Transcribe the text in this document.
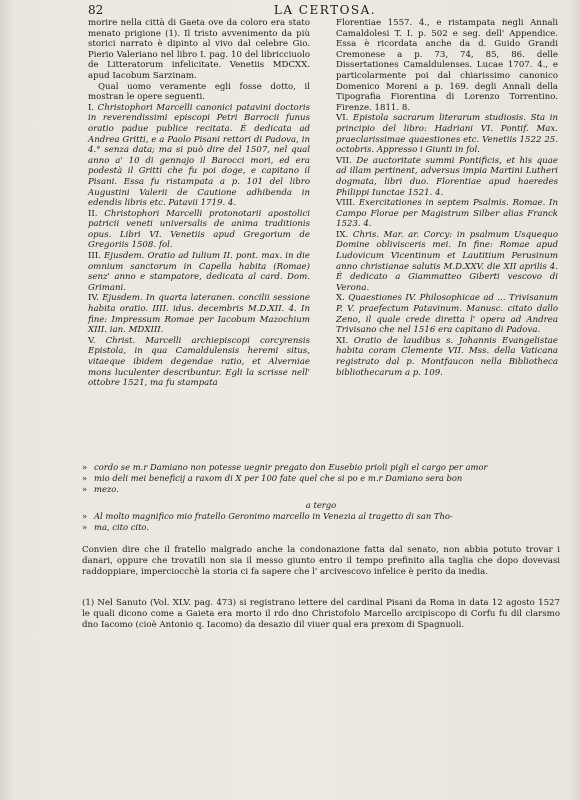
82	LA CERTOSA.

morire nella città di Gaeta ove da coloro era stato menato prigione (1). Il tristo avvenimento da più storici narrato è dipinto al vivo dal celebre Gio. Pierio Valeriano nel libro I. pag. 10 del libricciuolo de Litteratorum infelicitate. Venetiis MDCXX. apud Iacobum Sarzinam.

Qual uomo veramente egli fosse dotto, il mostran le opere seguenti.

I. Christophori Marcelli canonici patavini doctoris in reverendissimi episcopi Petri Barrocii funus oratio padue publice recitata. È dedicata ad Andrea Gritti, e a Paolo Pisani rettori di Padova, in 4.° senza data; ma si può dire del 1507, nel qual anno a' 10 di gennajo il Barocci mori, ed era podestà il Gritti che fu poi doge, e capitano il Pisani. Essa fu ristampata a p. 101 del libro Augustini Valerii de Cautione adhibenda in edendis libris etc. Patavii 1719. 4.
II. Christophori Marcelli protonotarii apostolici patricii veneti universalis de anima traditionis opus. Libri VI. Venetiis apud Gregorium de Gregoriis 1508. fol.
III. Ejusdem. Oratio ad Iulium II. pont. max. in die omnium sanctorum in Capella habita (Romae) senz' anno e stampatore, dedicata al card. Dom. Grimani.
IV. Ejusdem. In quarta lateranen. concilii sessione habita oratio. IIII. idus. decembris M.D.XII. 4. In fine: Impressum Romae per Iacobum Mazochium XIII. ian. MDXIII.
V. Christ. Marcelli archiepiscopi corcyrensis Epistola, in qua Camaldulensis heremi situs, vitaeque ibidem degendae ratio, et Alverniae mons luculenter describuntur. Egli la scrisse nell' ottobre 1521, ma fu stampata

Florentiae 1557. 4., e ristampata negli Annali Camaldolesi T. I. p. 502 e seg. dell' Appendice. Essa è ricordata anche da d. Guido Grandi Cremonese a p. 73, 74, 85, 86. delle Dissertationes Camaldulenses. Lucae 1707. 4., e particolarmente poi dal chiarissimo canonico Domenico Moreni a p. 169. degli Annali della Tipografia Fiorentina di Lorenzo Torrentino. Firenze. 1811. 8.

VI. Epistola sacrarum literarum studiosis. Sta in principio del libro: Hadriani VI. Pontif. Max. praeclarissimae quaestiones etc. Venetiis 1522 25. octobris. Appresso i Giunti in fol.
VII. De auctoritate summi Pontificis, et his quae ad illam pertinent, adversus impia Martini Lutheri dogmata, libri duo. Florentiae apud haeredes Philippi Iunctae 1521. 4.
VIII. Exercitationes in septem Psalmis. Romae. In Campo Florae per Magistrum Silber alias Franck 1523. 4.
IX. Chris. Mar. ar. Corcy: in psalmum Usquequo Domine oblivisceris mei. In fine: Romae apud Ludovicum Vicentinum et Lautitium Perusinum anno christianae salutis M.D.XXV. die XII aprilis 4. È dedicato a Giammatteo Giberti vescovo di Verona.
X. Quaestiones IV. Philosophicae ad ... Trivisanum P. V. praefectum Patavinum. Manusc. citato dallo Zeno, il quale crede diretta l' opera ad Andrea Trivisano che nel 1516 era capitano di Padova.
XI. Oratio de laudibus s. Johannis Evangelistae habita coram Clemente VII. Mss. della Vaticana registrato dal p. Montfaucon nella Bibliotheca bibliothecarum a p. 109.
» cordo se m.r Damiano non potesse uegnir pregato don Eusebio prioli pigli el cargo per amor
» mio deli mei beneficij a raxom di X per 100 fate quel che si po e m.r Damiano sera bon
» mezo.

a tergo

» Al molto magnifico mio fratello Geronimo marcello in Venezia al tragetto di san Tho-
» ma, cito cito.
Convien dire che il fratello malgrado anche la condonazione fatta dal senato, non abbia potuto trovar i danari, oppure che trovatili non sia il messo giunto entro il tempo prefinito alla taglia che dopo dovevasi raddoppiare, imperciocchè la storia ci fa sapere che l' arcivescovo infelice è perito da inedia.
(1) Nel Sanuto (Vol. XLV. pag. 473) si registrano lettere del cardinal Pisani da Roma in data 12 agosto 1527 le quali dicono come a Gaieta era morto il rdo dno Christofolo Marcello arcipiscopo di Corfu fu dil clarsmo dno Iacomo (cioè Antonio q. Iacomo) da desazio dil viuer qual era prexom di Spagnuoli.
